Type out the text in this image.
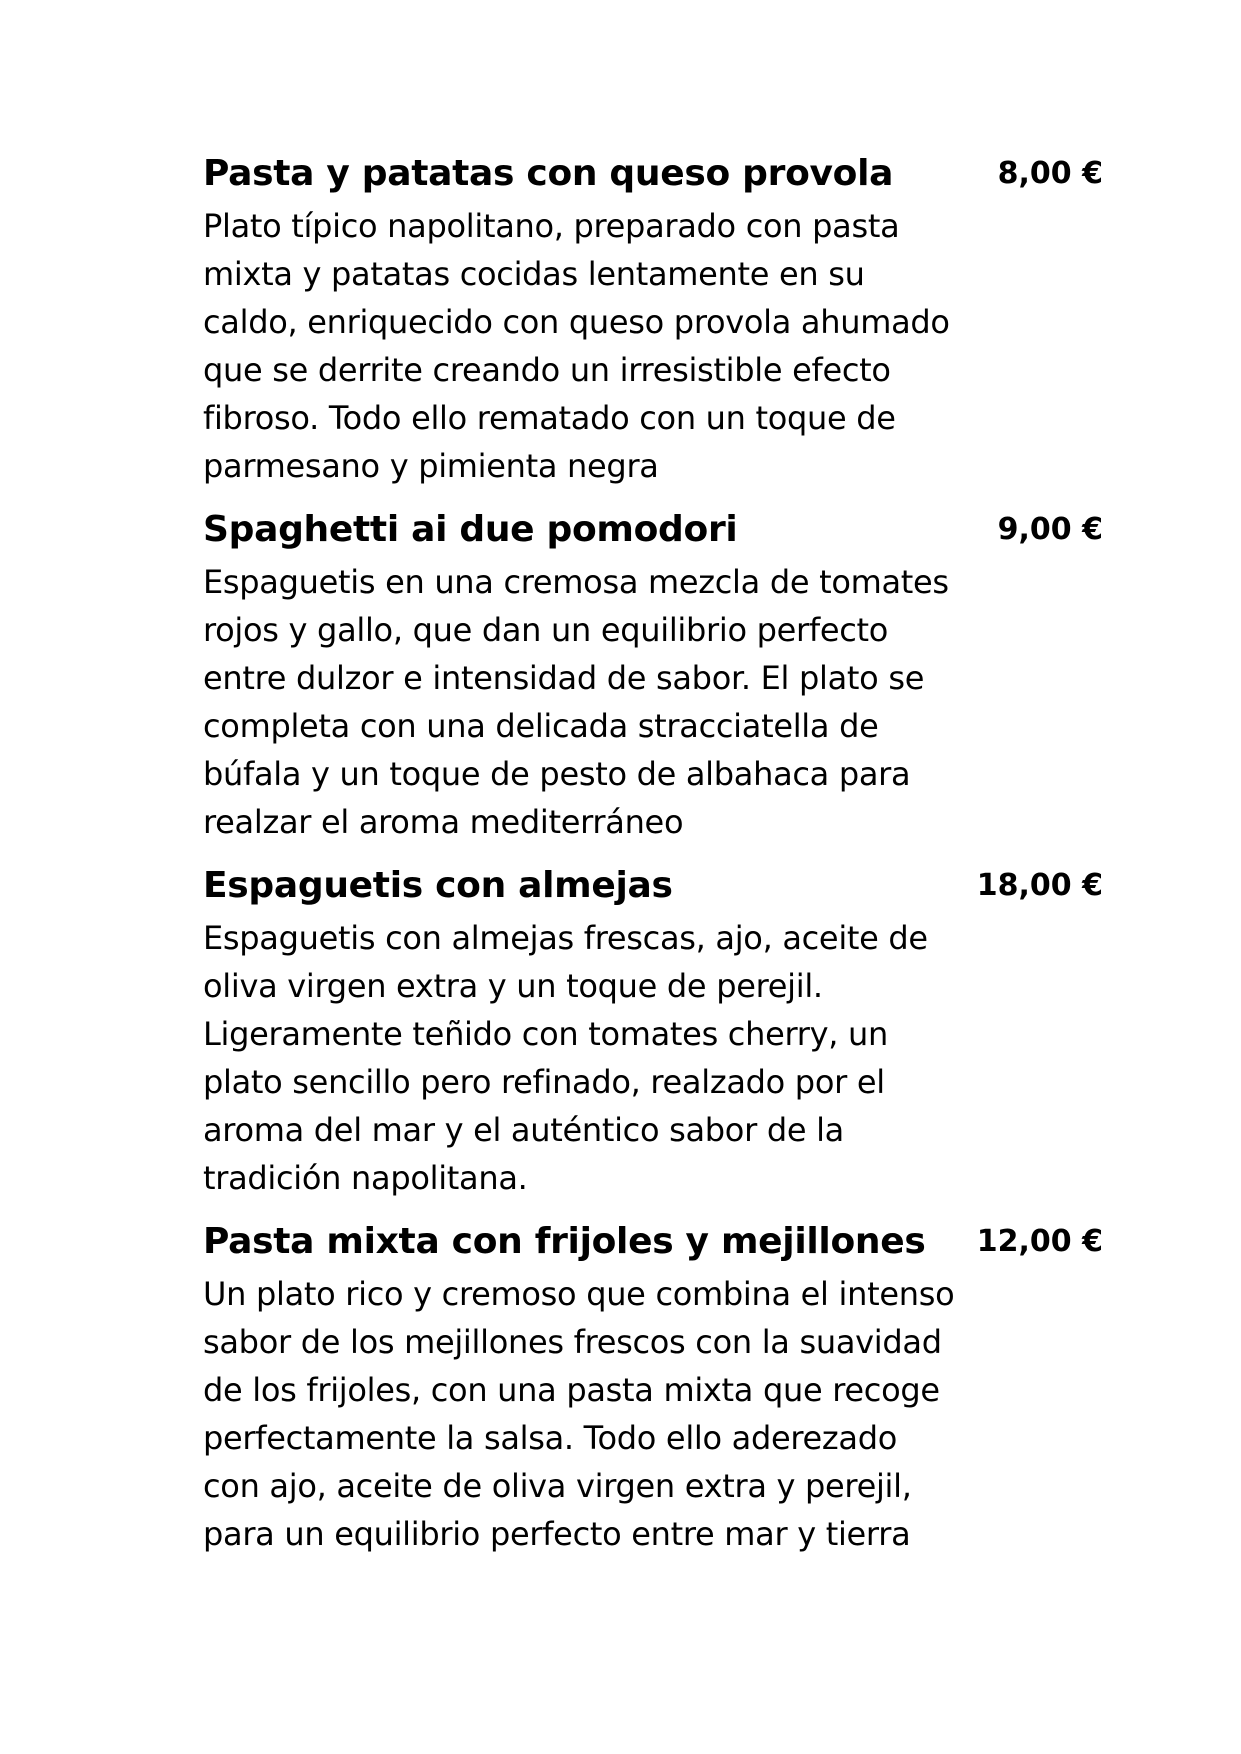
Pasta y patatas con queso provola	8,00 €
Plato típico napolitano, preparado con pasta
mixta y patatas cocidas lentamente en su
caldo, enriquecido con queso provola ahumado
que se derrite creando un irresistible efecto
fibroso. Todo ello rematado con un toque de
parmesano y pimienta negra
Spaghetti ai due pomodori	9,00 €
Espaguetis en una cremosa mezcla de tomates
rojos y gallo, que dan un equilibrio perfecto
entre dulzor e intensidad de sabor. El plato se
completa con una delicada stracciatella de
búfala y un toque de pesto de albahaca para
realzar el aroma mediterráneo
Espaguetis con almejas	18,00 €
Espaguetis con almejas frescas, ajo, aceite de
oliva virgen extra y un toque de perejil.
Ligeramente teñido con tomates cherry, un
plato sencillo pero refinado, realzado por el
aroma del mar y el auténtico sabor de la
tradición napolitana.
Pasta mixta con frijoles y mejillones	12,00 €
Un plato rico y cremoso que combina el intenso
sabor de los mejillones frescos con la suavidad
de los frijoles, con una pasta mixta que recoge
perfectamente la salsa. Todo ello aderezado
con ajo, aceite de oliva virgen extra y perejil,
para un equilibrio perfecto entre mar y tierra
